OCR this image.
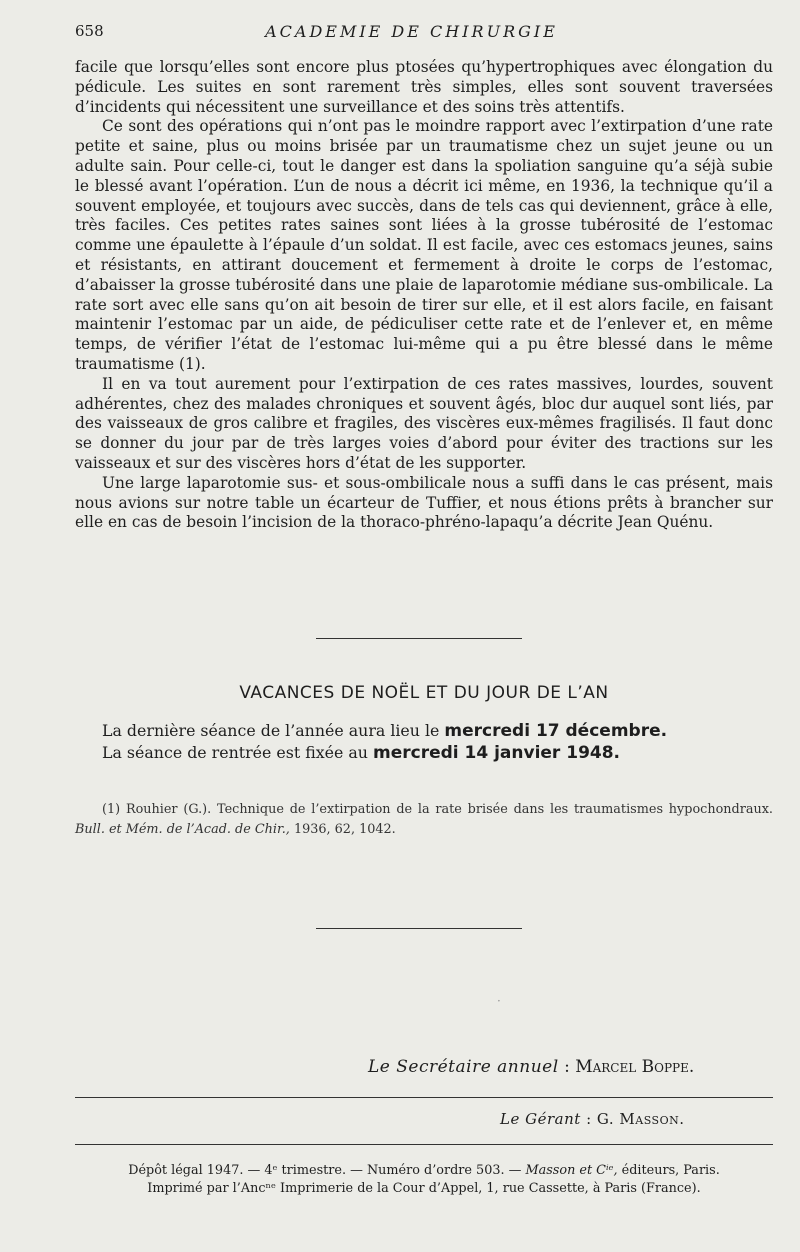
658	ACADEMIE DE CHIRURGIE

facile que lorsqu’elles sont encore plus ptosées qu’hypertrophiques avec élongation du pédicule. Les suites en sont rarement très simples, elles sont souvent traversées d’incidents qui nécessitent une surveillance et des soins très attentifs.

Ce sont des opérations qui n’ont pas le moindre rapport avec l’extirpation d’une rate petite et saine, plus ou moins brisée par un traumatisme chez un sujet jeune ou un adulte sain. Pour celle-ci, tout le danger est dans la spoliation sanguine qu’a séjà subie le blessé avant l’opération. L’un de nous a décrit ici même, en 1936, la technique qu’il a souvent employée, et toujours avec succès, dans de tels cas qui deviennent, grâce à elle, très faciles. Ces petites rates saines sont liées à la grosse tubérosité de l’estomac comme une épaulette à l’épaule d’un soldat. Il est facile, avec ces estomacs jeunes, sains et résistants, en attirant doucement et fermement à droite le corps de l’estomac, d’abaisser la grosse tubérosité dans une plaie de laparotomie médiane sus-ombilicale. La rate sort avec elle sans qu’on ait besoin de tirer sur elle, et il est alors facile, en faisant maintenir l’estomac par un aide, de pédiculiser cette rate et de l’enlever et, en même temps, de vérifier l’état de l’estomac lui-même qui a pu être blessé dans le même traumatisme (1).

Il en va tout aurement pour l’extirpation de ces rates massives, lourdes, souvent adhérentes, chez des malades chroniques et souvent âgés, bloc dur auquel sont liés, par des vaisseaux de gros calibre et fragiles, des viscères eux-mêmes fragilisés. Il faut donc se donner du jour par de très larges voies d’abord pour éviter des tractions sur les vaisseaux et sur des viscères hors d’état de les supporter.

Une large laparotomie sus- et sous-ombilicale nous a suffi dans le cas présent, mais nous avions sur notre table un écarteur de Tuffier, et nous étions prêts à brancher sur elle en cas de besoin l’incision de la thoraco-phréno-lapaqu’a décrite Jean Quénu.

VACANCES DE NOËL ET DU JOUR DE L’AN
La dernière séance de l’année aura lieu le mercredi 17 décembre.
La séance de rentrée est fixée au mercredi 14 janvier 1948.

(1) Rouhier (G.). Technique de l’extirpation de la rate brisée dans les traumatismes hypochondraux. Bull. et Mém. de l’Acad. de Chir., 1936, 62, 1042.

·
Le Secrétaire annuel : Marcel Boppe.
Le Gérant : G. Masson.
Dépôt légal 1947. — 4ᵉ trimestre. — Numéro d’ordre 503. — Masson et Cⁱᵉ, éditeurs, Paris.
Imprimé par l’Ancⁿᵉ Imprimerie de la Cour d’Appel, 1, rue Cassette, à Paris (France).
